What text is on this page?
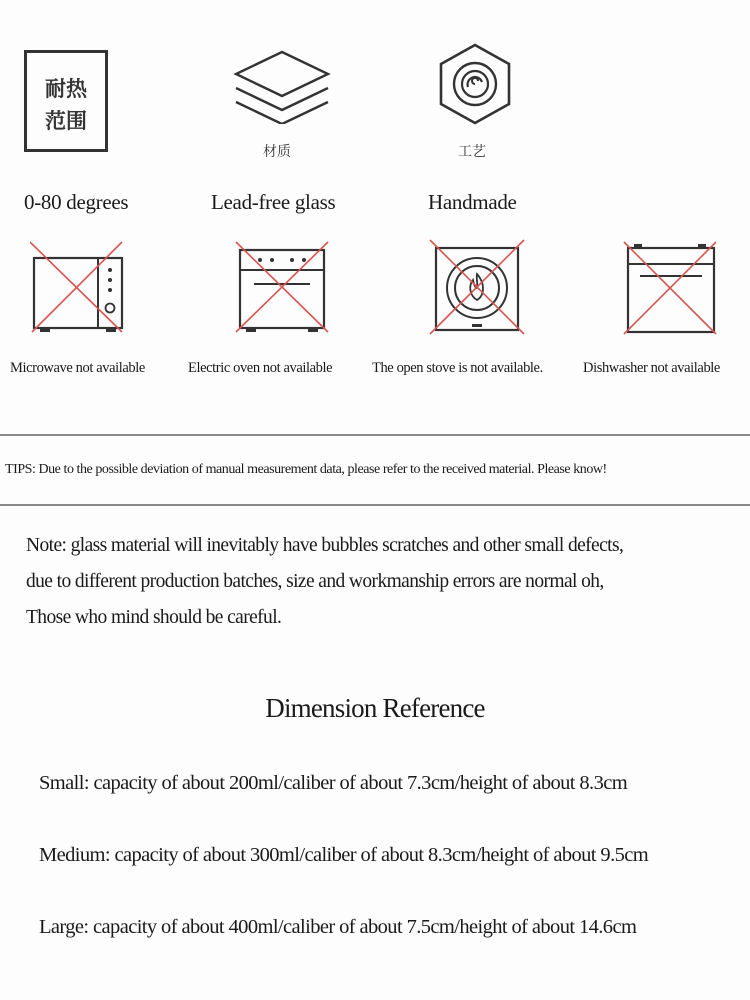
耐热
范围
0-80 degrees
材质
Lead-free glass
工艺
Handmade
Microwave not available	Electric oven not available	The open stove is not available.	Dishwasher not available
TIPS: Due to the possible deviation of manual measurement data, please refer to the received material. Please know!
Note: glass material will inevitably have bubbles scratches and other small defects,
due to different production batches, size and workmanship errors are normal oh,
Those who mind should be careful.
Dimension Reference
Small: capacity of about 200ml/caliber of about 7.3cm/height of about 8.3cm
Medium: capacity of about 300ml/caliber of about 8.3cm/height of about 9.5cm
Large: capacity of about 400ml/caliber of about 7.5cm/height of about 14.6cm
